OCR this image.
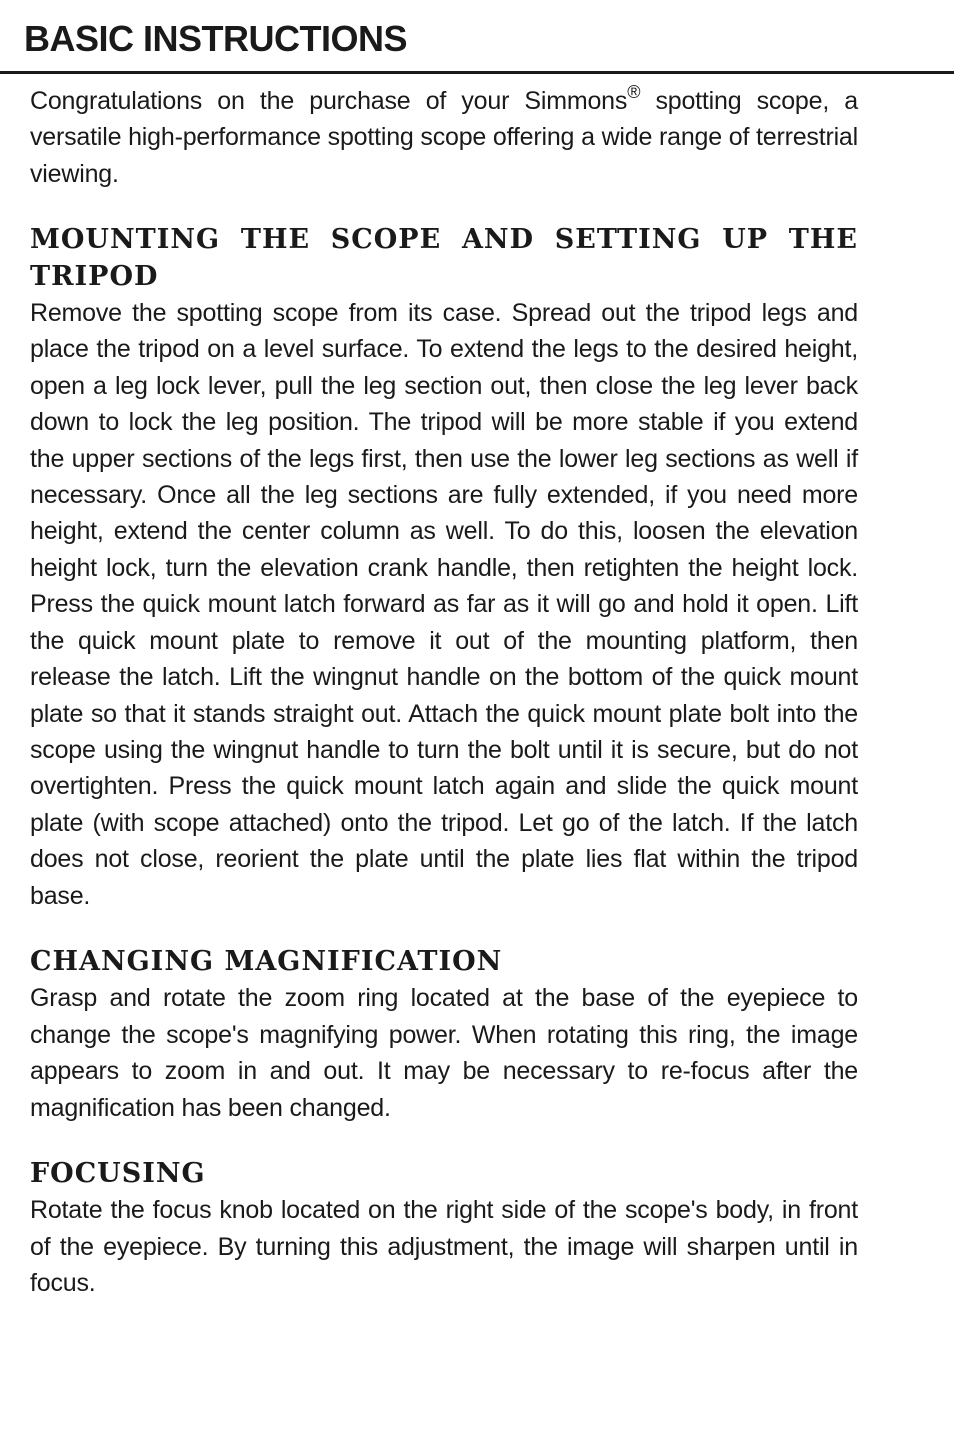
BASIC INSTRUCTIONS

Congratulations on the purchase of your Simmons® spotting scope, a versatile high-performance spotting scope offering a wide range of terrestrial viewing.

MOUNTING THE SCOPE AND SETTING UP THE TRIPOD

Remove the spotting scope from its case. Spread out the tripod legs and place the tripod on a level surface. To extend the legs to the desired height, open a leg lock lever, pull the leg section out, then close the leg lever back down to lock the leg position. The tripod will be more stable if you extend the upper sections of the legs first, then use the lower leg sections as well if necessary. Once all the leg sections are fully extended, if you need more height, extend the center column as well. To do this, loosen the elevation height lock, turn the elevation crank handle, then retighten the height lock. Press the quick mount latch forward as far as it will go and hold it open. Lift the quick mount plate to remove it out of the mounting platform, then release the latch. Lift the wingnut handle on the bottom of the quick mount plate so that it stands straight out. Attach the quick mount plate bolt into the scope using the wingnut handle to turn the bolt until it is secure, but do not overtighten. Press the quick mount latch again and slide the quick mount plate (with scope attached) onto the tripod. Let go of the latch. If the latch does not close, reorient the plate until the plate lies flat within the tripod base.

CHANGING MAGNIFICATION

Grasp and rotate the zoom ring located at the base of the eyepiece to change the scope's magnifying power. When rotating this ring, the image appears to zoom in and out. It may be necessary to re-focus after the magnification has been changed.

FOCUSING

Rotate the focus knob located on the right side of the scope's body, in front of the eyepiece. By turning this adjustment, the image will sharpen until in focus.
